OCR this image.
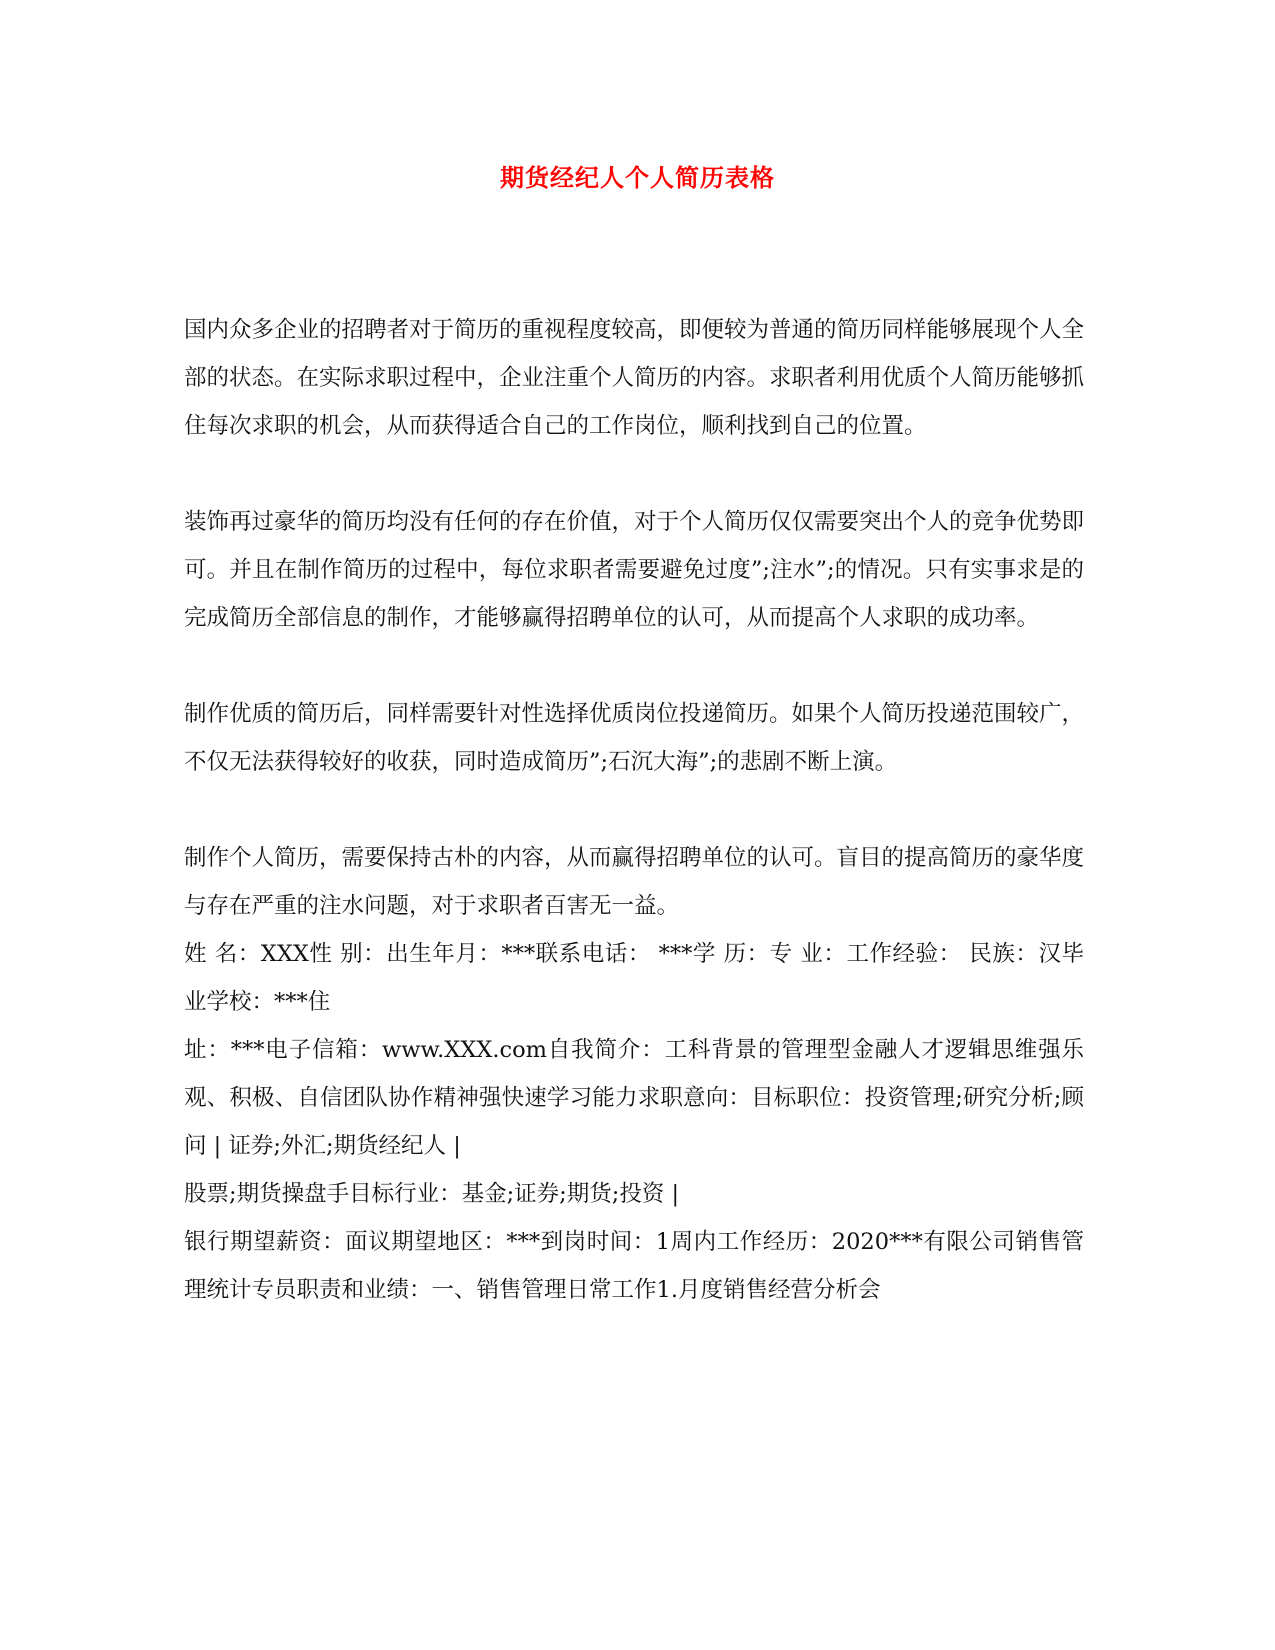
期货经纪人个人简历表格

国内众多企业的招聘者对于简历的重视程度较高，即便较为普通的简历同样能够展现个人全部的状态。在实际求职过程中，企业注重个人简历的内容。求职者利用优质个人简历能够抓住每次求职的机会，从而获得适合自己的工作岗位，顺利找到自己的位置。

装饰再过豪华的简历均没有任何的存在价值，对于个人简历仅仅需要突出个人的竞争优势即可。并且在制作简历的过程中，每位求职者需要避免过度”;注水”;的情况。只有实事求是的完成简历全部信息的制作，才能够赢得招聘单位的认可，从而提高个人求职的成功率。

制作优质的简历后，同样需要针对性选择优质岗位投递简历。如果个人简历投递范围较广，不仅无法获得较好的收获，同时造成简历”;石沉大海”;的悲剧不断上演。

制作个人简历，需要保持古朴的内容，从而赢得招聘单位的认可。盲目的提高简历的豪华度与存在严重的注水问题，对于求职者百害无一益。

姓 名：XXX性 别：出生年月：***联系电话： ***学 历：专 业：工作经验： 民族：汉毕业学校：***住

址：***电子信箱：www.XXX.com自我简介：工科背景的管理型金融人才逻辑思维强乐观、积极、自信团队协作精神强快速学习能力求职意向：目标职位：投资管理;研究分析;顾问 | 证券;外汇;期货经纪人 |

股票;期货操盘手目标行业：基金;证券;期货;投资 |

银行期望薪资：面议期望地区：***到岗时间：1周内工作经历：2020***有限公司销售管理统计专员职责和业绩：一、销售管理日常工作1.月度销售经营分析会
